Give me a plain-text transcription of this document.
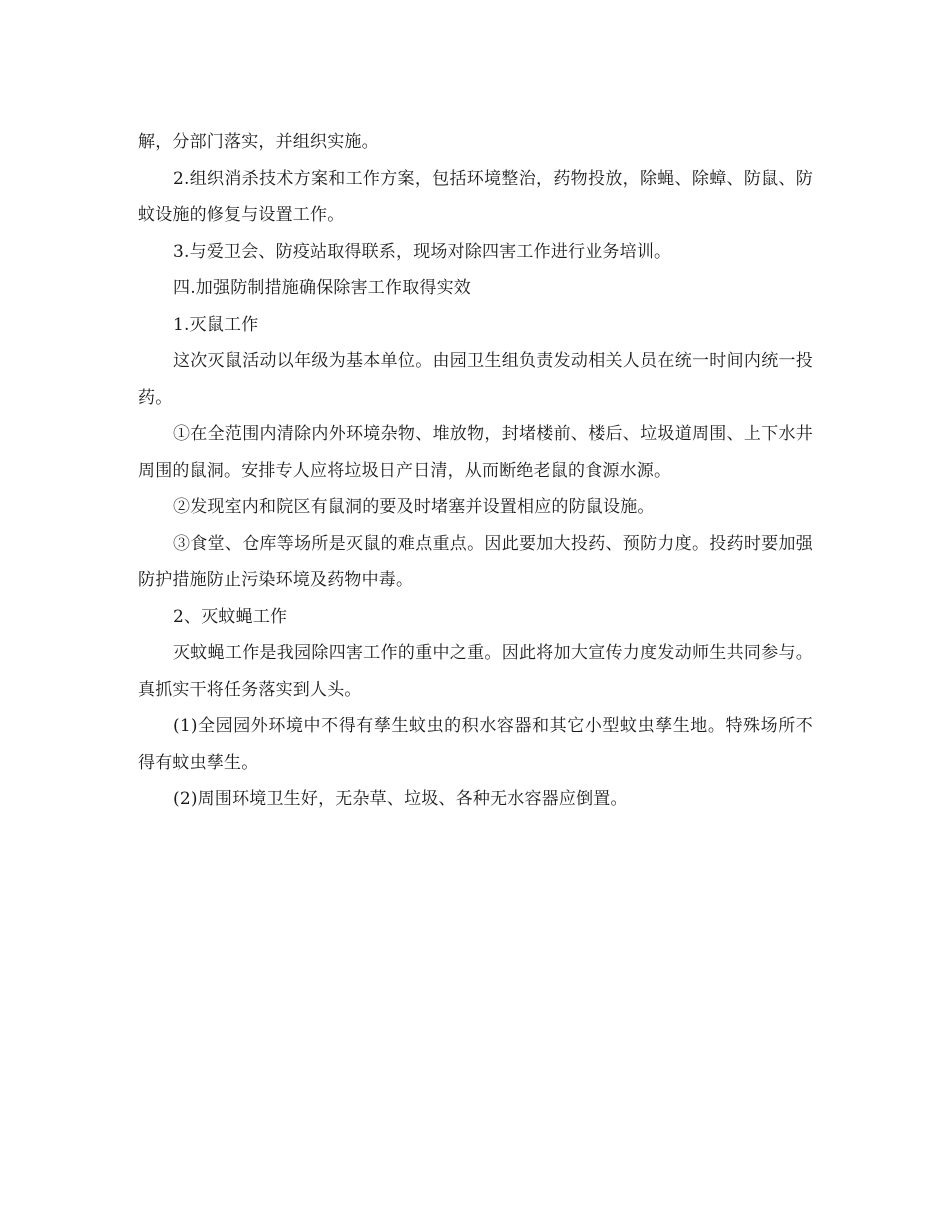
解，分部门落实，并组织实施。

2.组织消杀技术方案和工作方案，包括环境整治，药物投放，除蝇、除蟑、防鼠、防蚊设施的修复与设置工作。

3.与爱卫会、防疫站取得联系，现场对除四害工作进行业务培训。

四.加强防制措施确保除害工作取得实效

1.灭鼠工作

这次灭鼠活动以年级为基本单位。由园卫生组负责发动相关人员在统一时间内统一投药。

①在全范围内清除内外环境杂物、堆放物，封堵楼前、楼后、垃圾道周围、上下水井周围的鼠洞。安排专人应将垃圾日产日清，从而断绝老鼠的食源水源。

②发现室内和院区有鼠洞的要及时堵塞并设置相应的防鼠设施。

③食堂、仓库等场所是灭鼠的难点重点。因此要加大投药、预防力度。投药时要加强防护措施防止污染环境及药物中毒。

2、灭蚊蝇工作

灭蚊蝇工作是我园除四害工作的重中之重。因此将加大宣传力度发动师生共同参与。真抓实干将任务落实到人头。

(1)全园园外环境中不得有孳生蚊虫的积水容器和其它小型蚊虫孳生地。特殊场所不得有蚊虫孳生。

(2)周围环境卫生好，无杂草、垃圾、各种无水容器应倒置。
